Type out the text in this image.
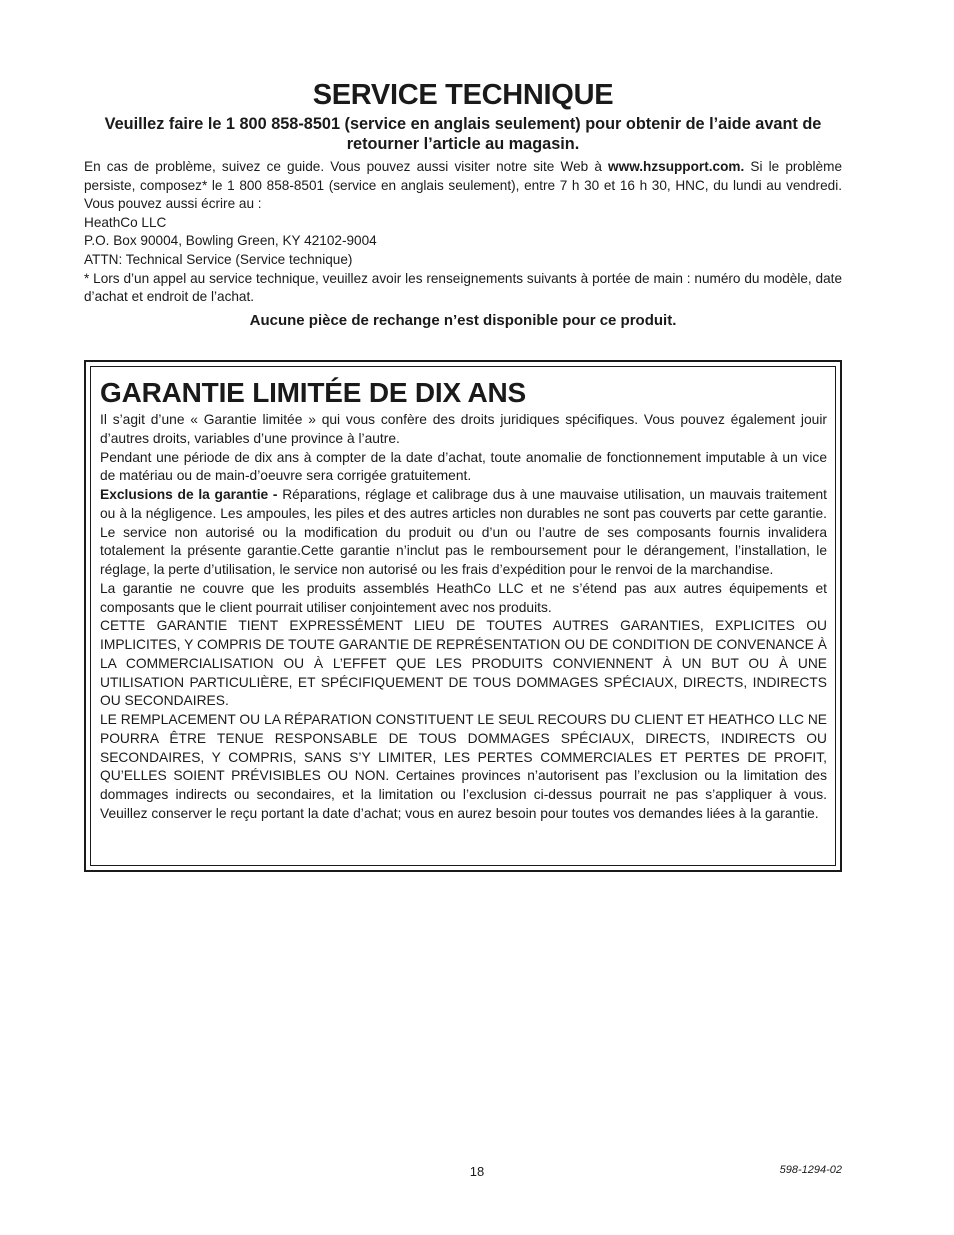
SERVICE TECHNIQUE
Veuillez faire le 1 800 858-8501 (service en anglais seulement) pour obtenir de l’aide avant de retourner l’article au magasin.

En cas de problème, suivez ce guide. Vous pouvez aussi visiter notre site Web à www.hzsupport.com. Si le problème persiste, composez* le 1 800 858-8501 (service en anglais seulement), entre 7 h 30 et 16 h 30, HNC, du lundi au vendredi. Vous pouvez aussi écrire au :

HeathCo LLC

P.O. Box 90004, Bowling Green, KY 42102-9004

ATTN: Technical Service (Service technique)

* Lors d’un appel au service technique, veuillez avoir les renseignements suivants à portée de main : numéro du modèle, date d’achat et endroit de l’achat.

Aucune pièce de rechange n’est disponible pour ce produit.
GARANTIE LIMITÉE DE DIX ANS

Il s’agit d’une « Garantie limitée » qui vous confère des droits juridiques spécifiques. Vous pouvez également jouir d’autres droits, variables d’une province à l’autre.

Pendant une période de dix ans à compter de la date d’achat, toute anomalie de fonctionnement imputable à un vice de matériau ou de main-d’oeuvre sera corrigée gratuitement.

Exclusions de la garantie - Réparations, réglage et calibrage dus à une mauvaise utilisation, un mauvais traitement ou à la négligence. Les ampoules, les piles et des autres articles non durables ne sont pas couverts par cette garantie. Le service non autorisé ou la modification du produit ou d’un ou l’autre de ses composants fournis invalidera totalement la présente garantie.Cette garantie n’inclut pas le remboursement pour le dérangement, l’installation, le réglage, la perte d’utilisation, le service non autorisé ou les frais d’expédition pour le renvoi de la marchandise.

La garantie ne couvre que les produits assemblés HeathCo LLC et ne s’étend pas aux autres équipements et composants que le client pourrait utiliser conjointement avec nos produits.

CETTE GARANTIE TIENT EXPRESSÉMENT LIEU DE TOUTES AUTRES GARANTIES, EXPLICITES OU IMPLICITES, Y COMPRIS DE TOUTE GARANTIE DE REPRÉSENTATION OU DE CONDITION DE CONVENANCE À LA COMMERCIALISATION OU À L’EFFET QUE LES PRODUITS CONVIENNENT À UN BUT OU À UNE UTILISATION PARTICULIÈRE, ET SPÉCIFIQUEMENT DE TOUS DOMMAGES SPÉCIAUX, DIRECTS, INDIRECTS OU SECONDAIRES.

LE REMPLACEMENT OU LA RÉPARATION CONSTITUENT LE SEUL RECOURS DU CLIENT ET HEATHCO LLC NE POURRA ÊTRE TENUE RESPONSABLE DE TOUS DOMMAGES SPÉCIAUX, DIRECTS, INDIRECTS OU SECONDAIRES, Y COMPRIS, SANS S’Y LIMITER, LES PERTES COMMERCIALES ET PERTES DE PROFIT, QU’ELLES SOIENT PRÉVISIBLES OU NON. Certaines provinces n’autorisent pas l’exclusion ou la limitation des dommages indirects ou secondaires, et la limitation ou l’exclusion ci-dessus pourrait ne pas s’appliquer à vous. Veuillez conserver le reçu portant la date d’achat; vous en aurez besoin pour toutes vos demandes liées à la garantie.

18	598-1294-02
